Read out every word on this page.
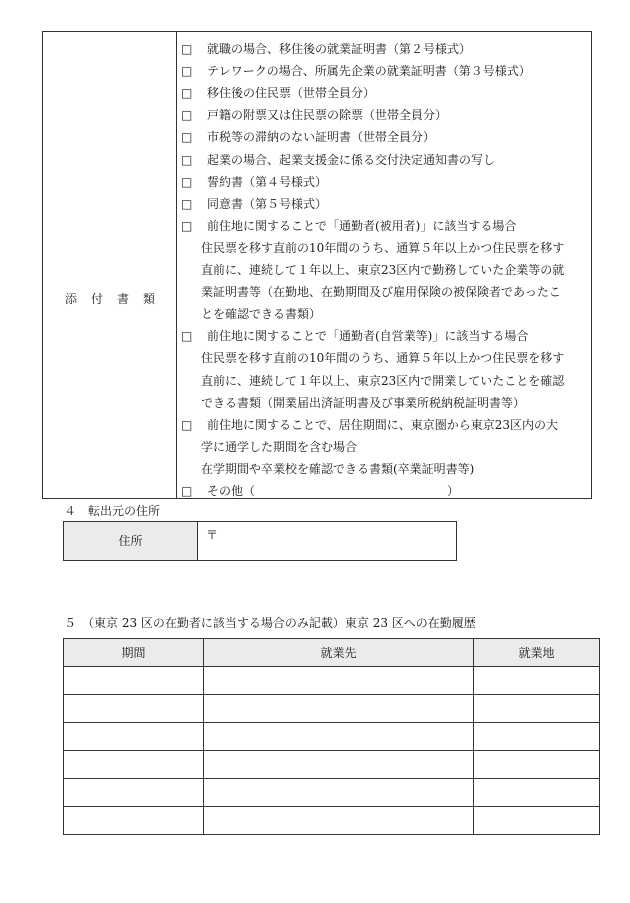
添付書類
□ 就職の場合、移住後の就業証明書（第２号様式）
□ テレワークの場合、所属先企業の就業証明書（第３号様式）
□ 移住後の住民票（世帯全員分）
□ 戸籍の附票又は住民票の除票（世帯全員分）
□ 市税等の滞納のない証明書（世帯全員分）
□ 起業の場合、起業支援金に係る交付決定通知書の写し
□ 誓約書（第４号様式）
□ 同意書（第５号様式）
□ 前住地に関することで「通勤者(被用者)」に該当する場合
住民票を移す直前の10年間のうち、通算５年以上かつ住民票を移す
直前に、連続して１年以上、東京23区内で勤務していた企業等の就
業証明書等（在勤地、在勤期間及び雇用保険の被保険者であったこ
とを確認できる書類）
□ 前住地に関することで「通勤者(自営業等)」に該当する場合
住民票を移す直前の10年間のうち、通算５年以上かつ住民票を移す
直前に、連続して１年以上、東京23区内で開業していたことを確認
できる書類（開業届出済証明書及び事業所税納税証明書等）
□ 前住地に関することで、居住期間に、東京圏から東京23区内の大
学に通学した期間を含む場合
在学期間や卒業校を確認できる書類(卒業証明書等)
□ その他（　　　　　　　　　　　　　　　　）
４　転出元の住所
住所	〒
５　（東京 23 区の在勤者に該当する場合のみ記載）東京 23 区への在勤履歴
期間	就業先	就業地
